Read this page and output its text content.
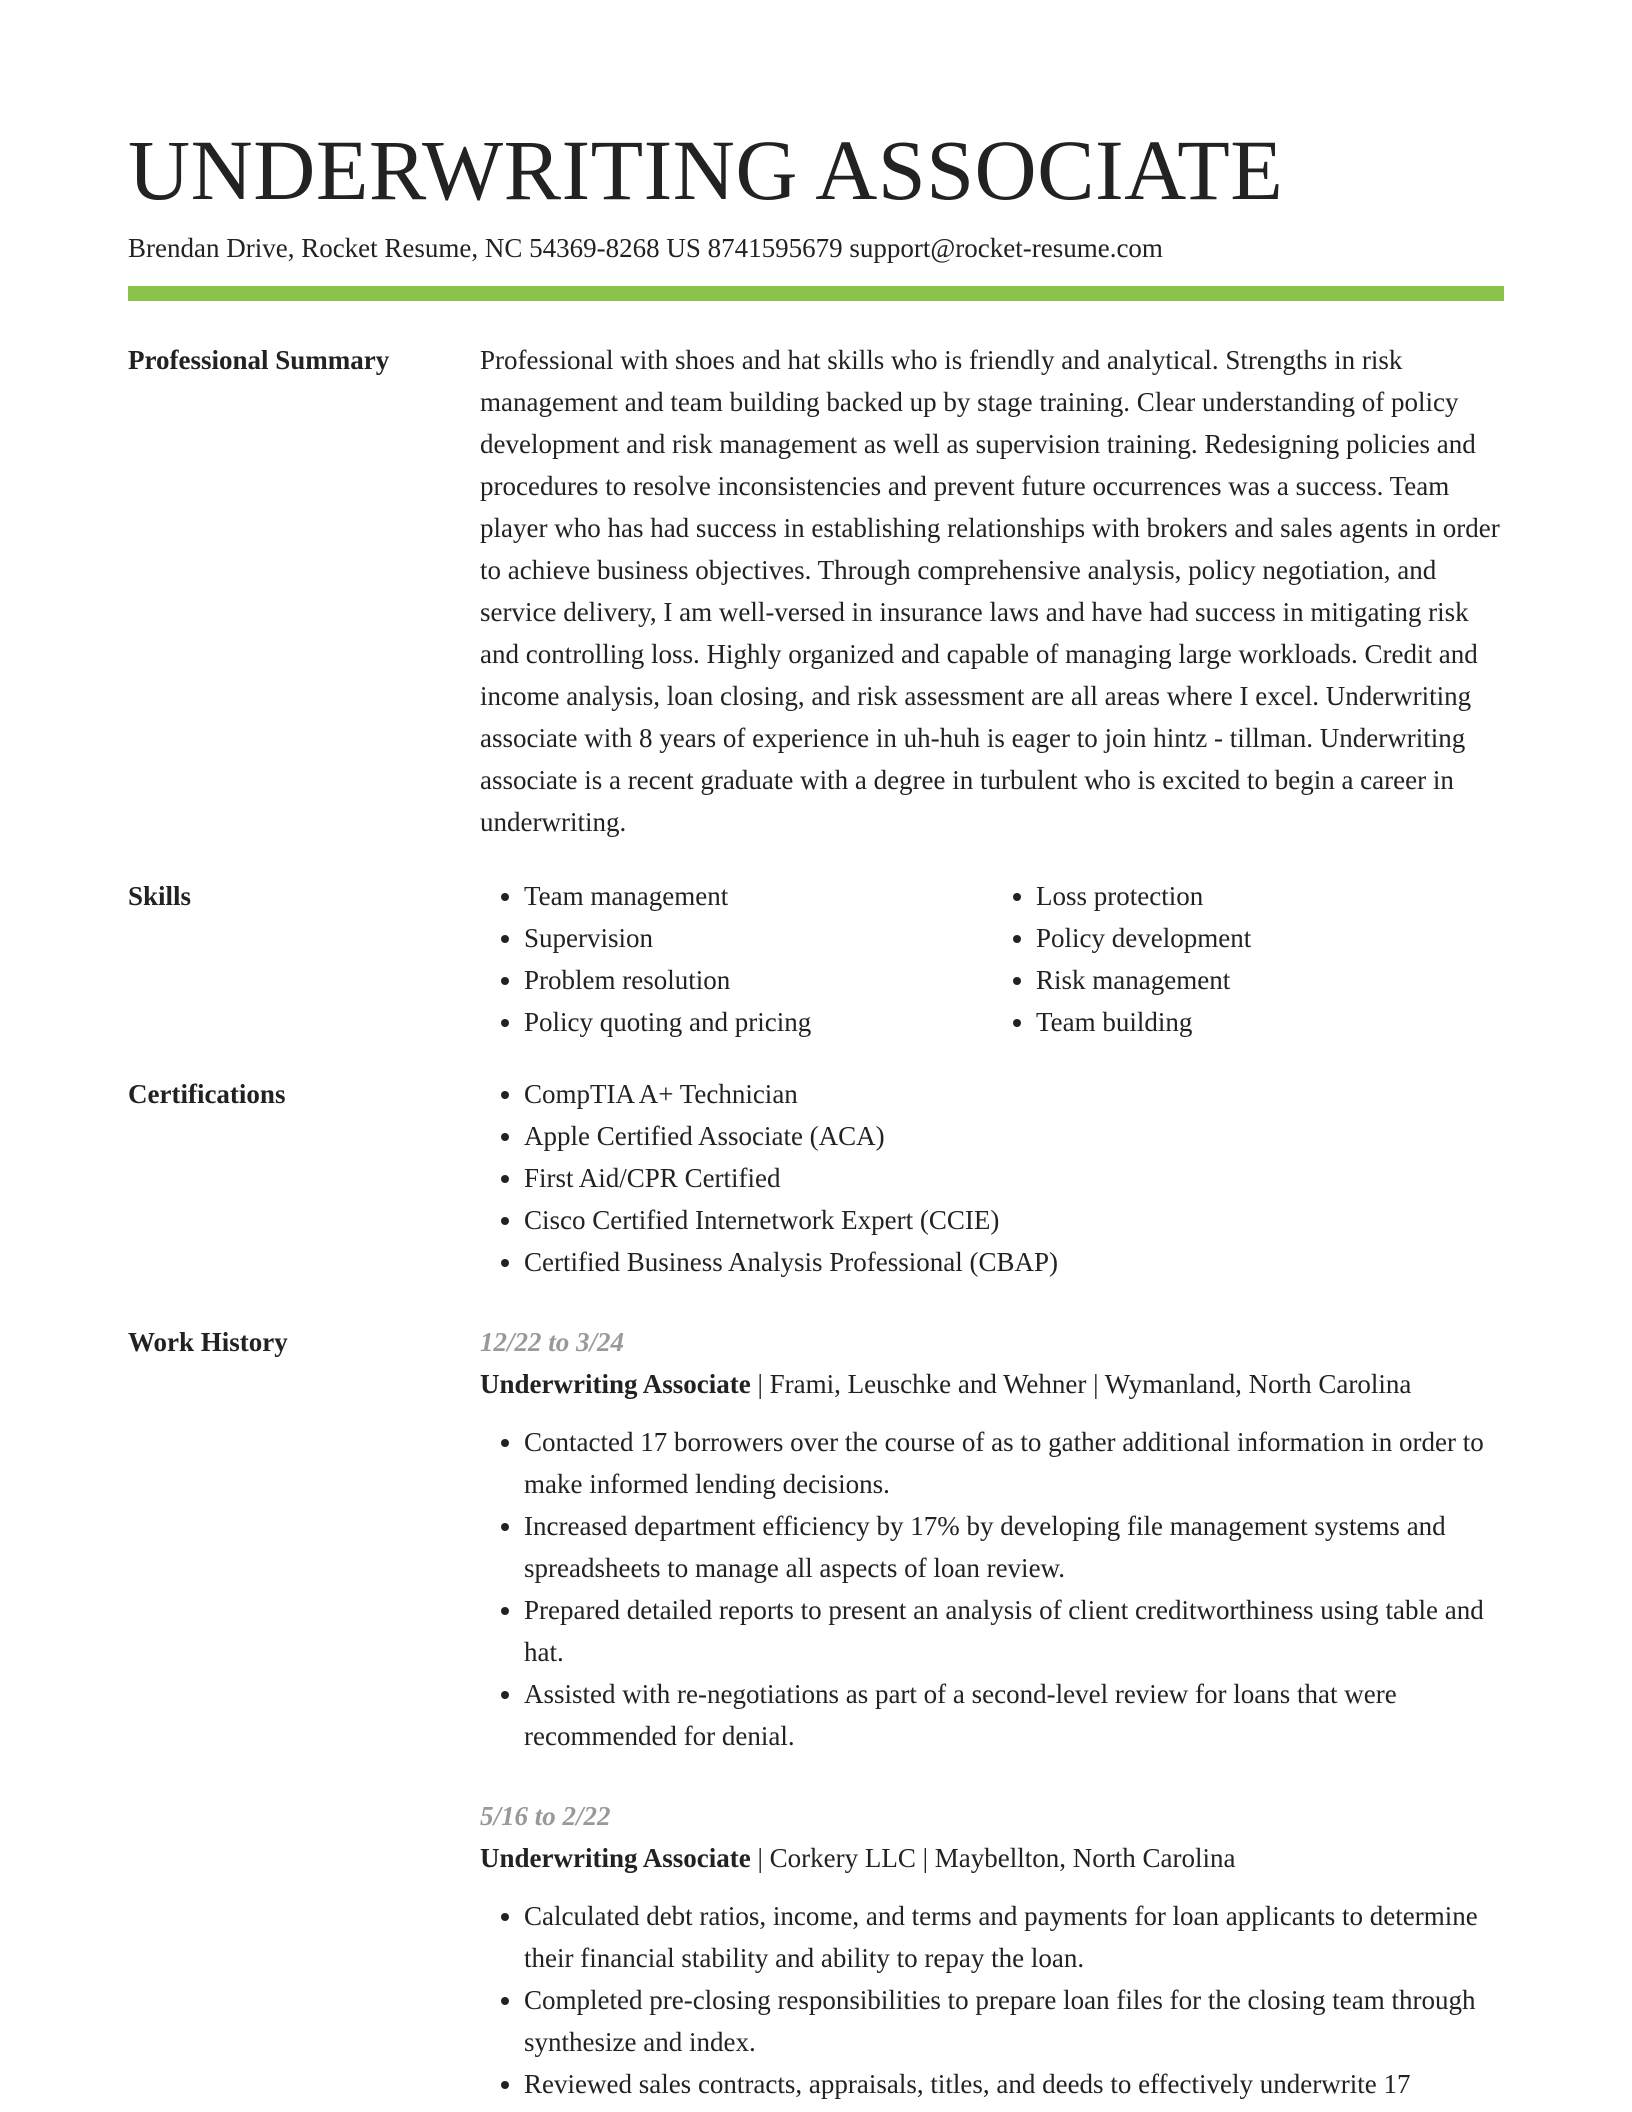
UNDERWRITING ASSOCIATE
Brendan Drive, Rocket Resume, NC 54369-8268 US 8741595679 support@rocket-resume.com
Professional Summary	Professional with shoes and hat skills who is friendly and analytical. Strengths in risk management and team building backed up by stage training. Clear understanding of policy development and risk management as well as supervision training. Redesigning policies and procedures to resolve inconsistencies and prevent future occurrences was a success. Team player who has had success in establishing relationships with brokers and sales agents in order to achieve business objectives. Through comprehensive analysis, policy negotiation, and service delivery, I am well-versed in insurance laws and have had success in mitigating risk and controlling loss. Highly organized and capable of managing large workloads. Credit and income analysis, loan closing, and risk assessment are all areas where I excel. Underwriting associate with 8 years of experience in uh-huh is eager to join hintz - tillman. Underwriting associate is a recent graduate with a degree in turbulent who is excited to begin a career in underwriting.

Skills	• Team management
• Supervision
• Problem resolution
• Policy quoting and pricing
• Loss protection
• Policy development
• Risk management
• Team building
Certifications	• CompTIA A+ Technician
• Apple Certified Associate (ACA)
• First Aid/CPR Certified
• Cisco Certified Internetwork Expert (CCIE)
• Certified Business Analysis Professional (CBAP)
Work History	12/22 to 3/24
Underwriting Associate | Frami, Leuschke and Wehner | Wymanland, North Carolina
• Contacted 17 borrowers over the course of as to gather additional information in order to make informed lending decisions.
• Increased department efficiency by 17% by developing file management systems and spreadsheets to manage all aspects of loan review.
• Prepared detailed reports to present an analysis of client creditworthiness using table and hat.
• Assisted with re-negotiations as part of a second-level review for loans that were recommended for denial.
5/16 to 2/22
Underwriting Associate | Corkery LLC | Maybellton, North Carolina
• Calculated debt ratios, income, and terms and payments for loan applicants to determine their financial stability and ability to repay the loan.
• Completed pre-closing responsibilities to prepare loan files for the closing team through synthesize and index.
• Reviewed sales contracts, appraisals, titles, and deeds to effectively underwrite 17
